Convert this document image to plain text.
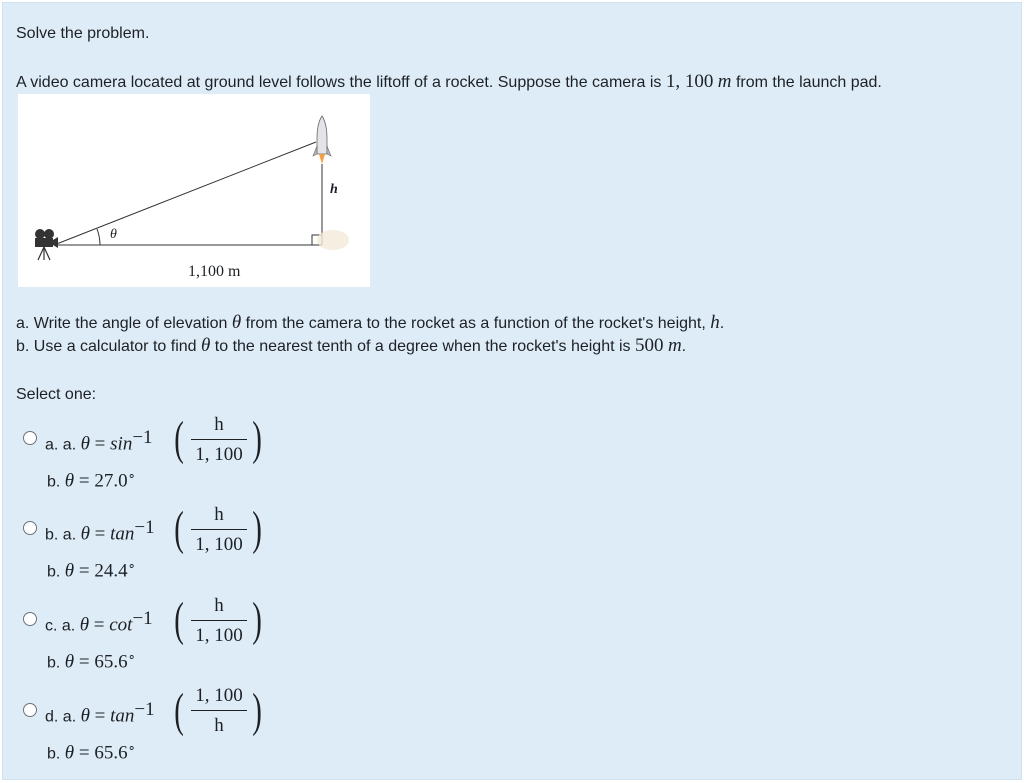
Solve the problem.
A video camera located at ground level follows the liftoff of a rocket. Suppose the camera is 1, 100 m from the launch pad.
θ
h
1,100 m
a. Write the angle of elevation θ from the camera to the rocket as a function of the rocket's height, h.
b. Use a calculator to find θ to the nearest tenth of a degree when the rocket's height is 500 m.
Select one:
a. a. $\theta = \sin^{-1}$ (	h
1, 100 )
b. θ = 27.0∘
b. a. $\theta = \tan^{-1}$ (	h
1, 100 )
b. θ = 24.4∘
c. a. $\theta = \cot^{-1}$ (	h
1, 100 )
b. θ = 65.6∘
d. a. $\theta = \tan^{-1}$ ( 1, 100
h )
b. θ = 65.6∘
